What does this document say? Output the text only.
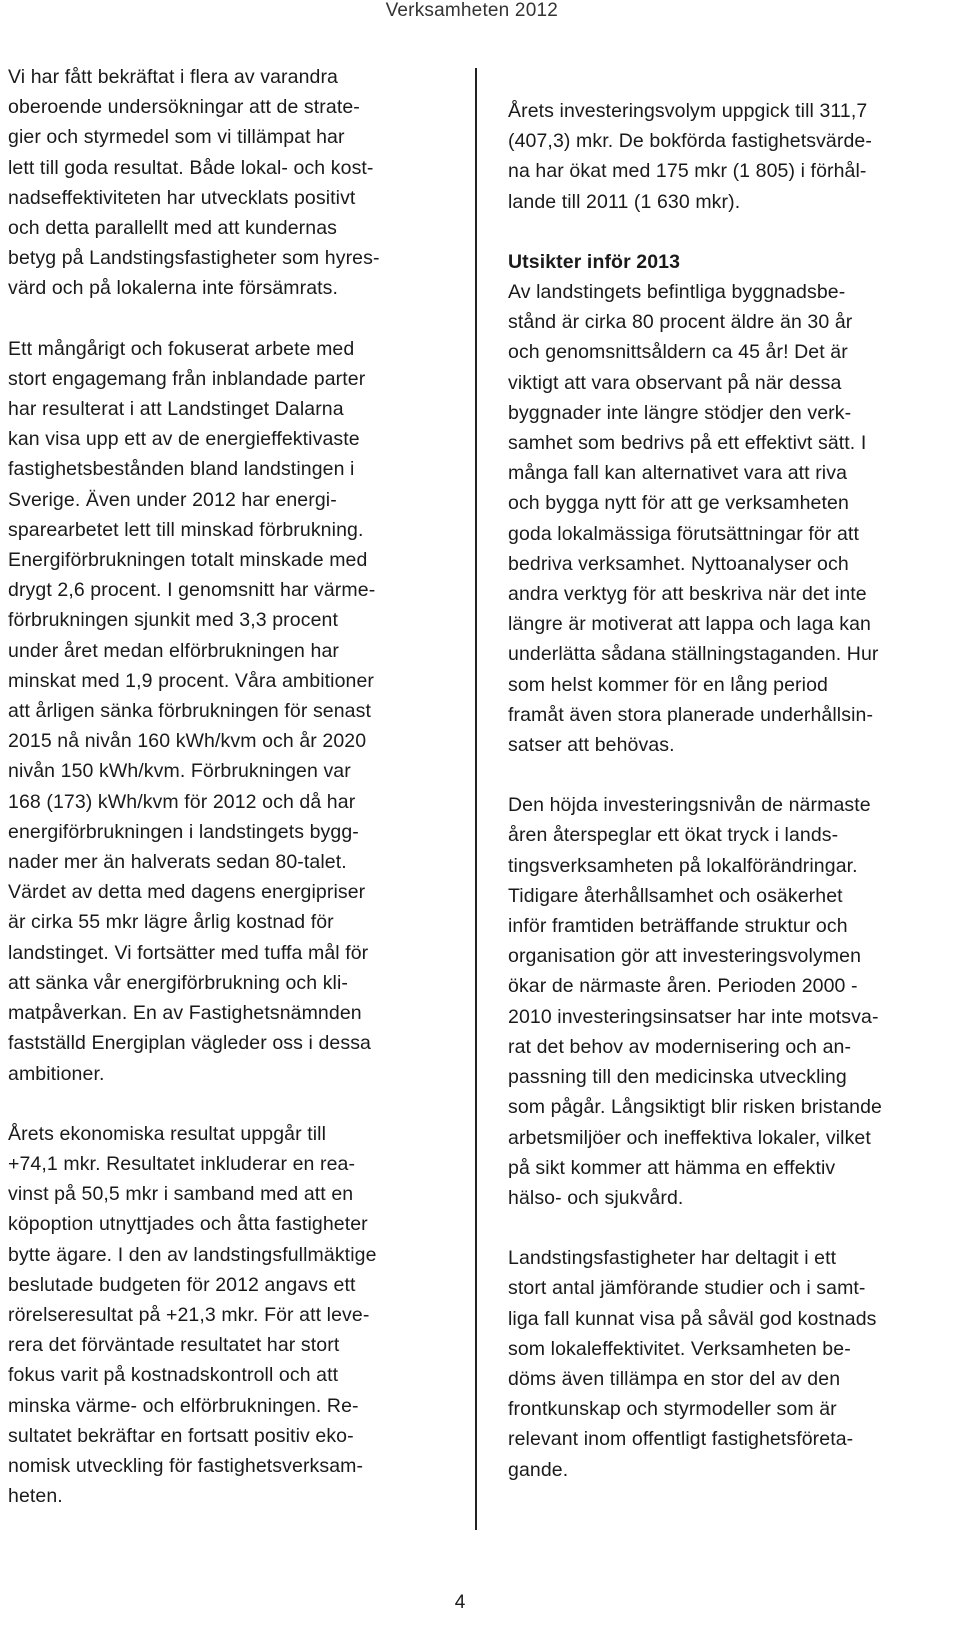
Verksamheten 2012

Vi har fått bekräftat i flera av varandra
oberoende undersökningar att de strate-
gier och styrmedel som vi tillämpat har
lett till goda resultat. Både lokal- och kost-
nadseffektiviteten har utvecklats positivt
och detta parallellt med att kundernas
betyg på Landstingsfastigheter som hyres-
värd och på lokalerna inte försämrats.

Ett mångårigt och fokuserat arbete med
stort engagemang från inblandade parter
har resulterat i att Landstinget Dalarna
kan visa upp ett av de energieffektivaste
fastighetsbestånden bland landstingen i
Sverige. Även under 2012 har energi-
sparearbetet lett till minskad förbrukning.
Energiförbrukningen totalt minskade med
drygt 2,6 procent. I genomsnitt har värme-
förbrukningen sjunkit med 3,3 procent
under året medan elförbrukningen har
minskat med 1,9 procent. Våra ambitioner
att årligen sänka förbrukningen för senast
2015 nå nivån 160 kWh/kvm och år 2020
nivån 150 kWh/kvm. Förbrukningen var
168 (173) kWh/kvm för 2012 och då har
energiförbrukningen i landstingets bygg-
nader mer än halverats sedan 80-talet.
Värdet av detta med dagens energipriser
är cirka 55 mkr lägre årlig kostnad för
landstinget. Vi fortsätter med tuffa mål för
att sänka vår energiförbrukning och kli-
matpåverkan. En av Fastighetsnämnden
fastställd Energiplan vägleder oss i dessa
ambitioner.

Årets ekonomiska resultat uppgår till
+74,1 mkr. Resultatet inkluderar en rea-
vinst på 50,5 mkr i samband med att en
köpoption utnyttjades och åtta fastigheter
bytte ägare. I den av landstingsfullmäktige
beslutade budgeten för 2012 angavs ett
rörelseresultat på +21,3 mkr. För att leve-
rera det förväntade resultatet har stort
fokus varit på kostnadskontroll och att
minska värme- och elförbrukningen. Re-
sultatet bekräftar en fortsatt positiv eko-
nomisk utveckling för fastighetsverksam-
heten.

Årets investeringsvolym uppgick till 311,7
(407,3) mkr. De bokförda fastighetsvärde-
na har ökat med 175 mkr (1 805) i förhål-
lande till 2011 (1 630 mkr).

Utsikter inför 2013

Av landstingets befintliga byggnadsbe-
stånd är cirka 80 procent äldre än 30 år
och genomsnittsåldern ca 45 år! Det är
viktigt att vara observant på när dessa
byggnader inte längre stödjer den verk-
samhet som bedrivs på ett effektivt sätt. I
många fall kan alternativet vara att riva
och bygga nytt för att ge verksamheten
goda lokalmässiga förutsättningar för att
bedriva verksamhet. Nyttoanalyser och
andra verktyg för att beskriva när det inte
längre är motiverat att lappa och laga kan
underlätta sådana ställningstaganden. Hur
som helst kommer för en lång period
framåt även stora planerade underhållsin-
satser att behövas.

Den höjda investeringsnivån de närmaste
åren återspeglar ett ökat tryck i lands-
tingsverksamheten på lokalförändringar.
Tidigare återhållsamhet och osäkerhet
inför framtiden beträffande struktur och
organisation gör att investeringsvolymen
ökar de närmaste åren. Perioden 2000 -
2010 investeringsinsatser har inte motsva-
rat det behov av modernisering och an-
passning till den medicinska utveckling
som pågår. Långsiktigt blir risken bristande
arbetsmiljöer och ineffektiva lokaler, vilket
på sikt kommer att hämma en effektiv
hälso- och sjukvård.

Landstingsfastigheter har deltagit i ett
stort antal jämförande studier och i samt-
liga fall kunnat visa på såväl god kostnads
som lokaleffektivitet. Verksamheten be-
döms även tillämpa en stor del av den
frontkunskap och styrmodeller som är
relevant inom offentligt fastighetsföreta-
gande.

4
